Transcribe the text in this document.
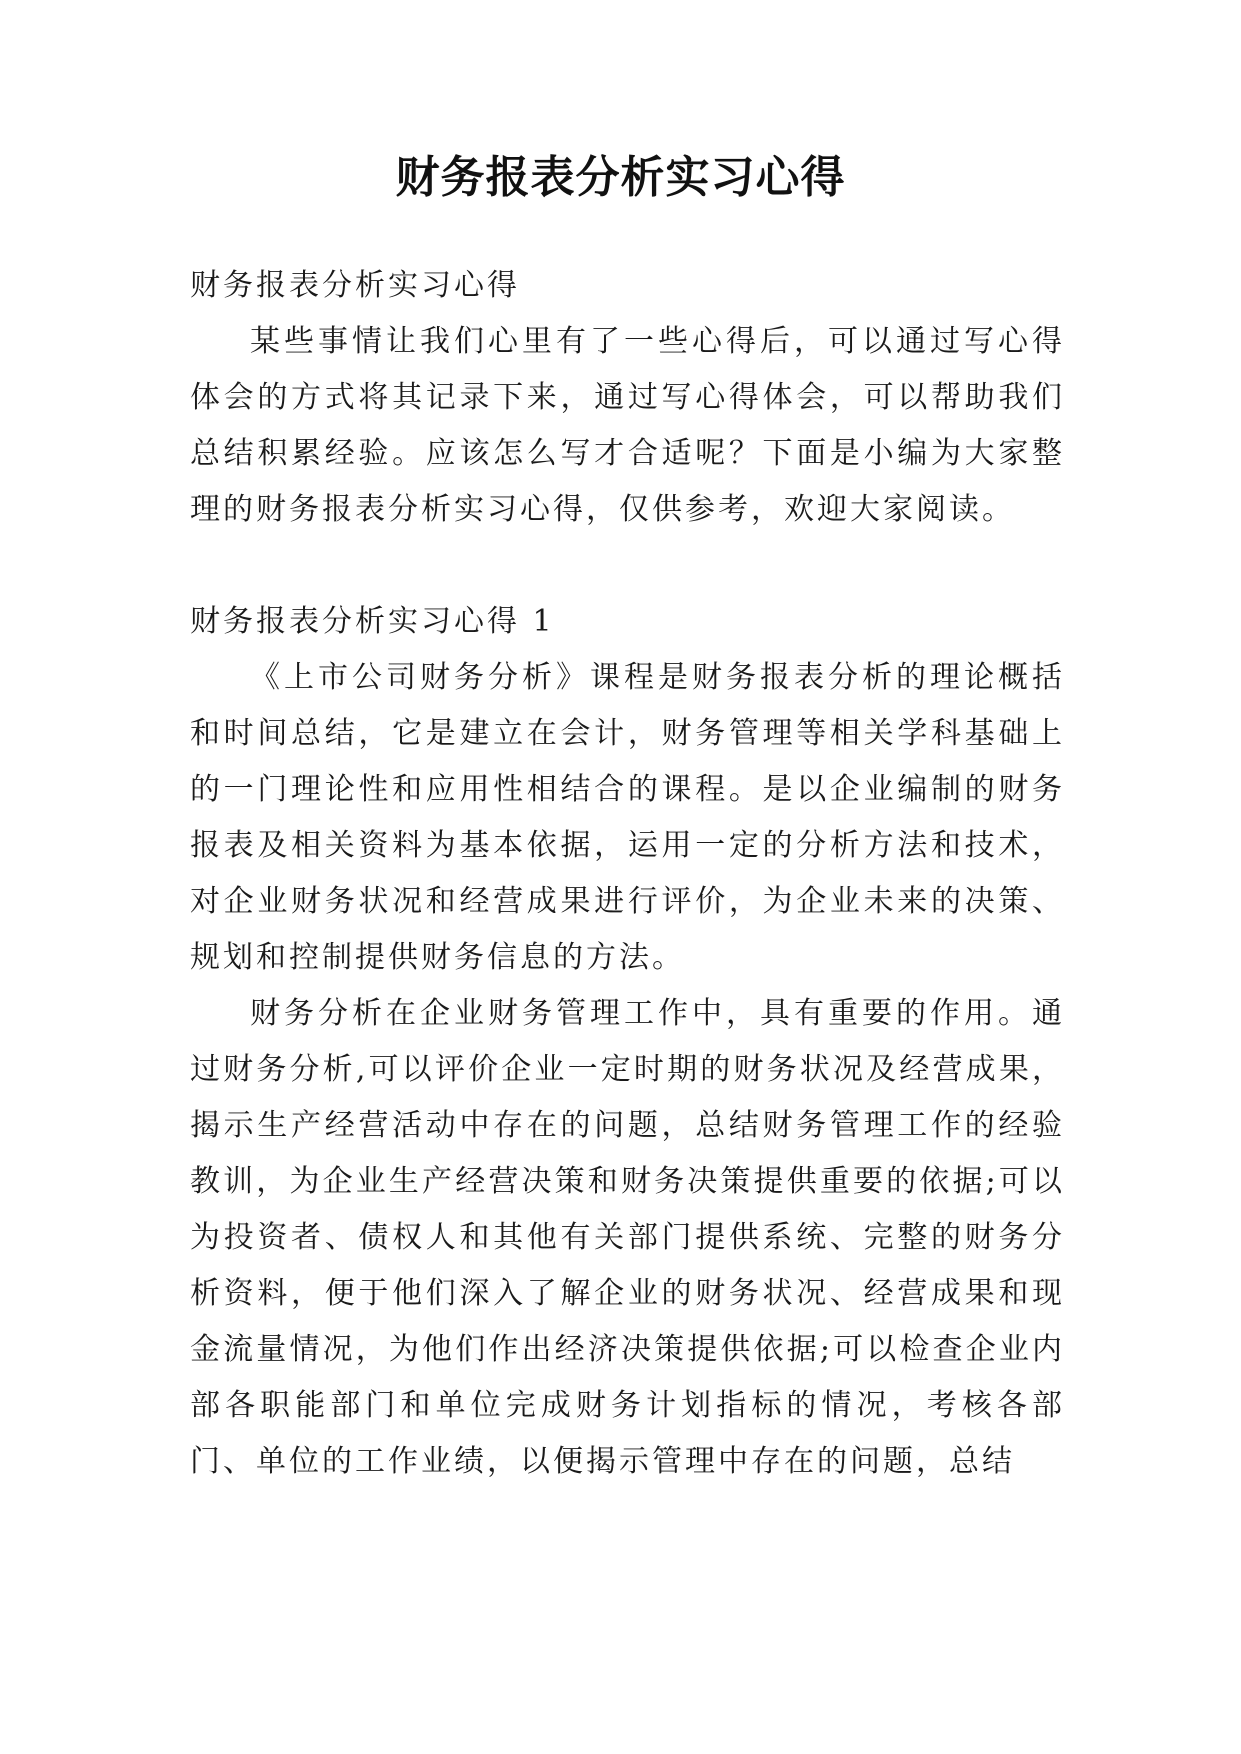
财务报表分析实习心得

财务报表分析实习心得

某些事情让我们心里有了一些心得后，可以通过写心得体会的方式将其记录下来，通过写心得体会，可以帮助我们总结积累经验。应该怎么写才合适呢？下面是小编为大家整理的财务报表分析实习心得，仅供参考，欢迎大家阅读。

财务报表分析实习心得 1

《上市公司财务分析》课程是财务报表分析的理论概括和时间总结，它是建立在会计，财务管理等相关学科基础上的一门理论性和应用性相结合的课程。是以企业编制的财务报表及相关资料为基本依据，运用一定的分析方法和技术，对企业财务状况和经营成果进行评价，为企业未来的决策、规划和控制提供财务信息的方法。

财务分析在企业财务管理工作中，具有重要的作用。通过财务分析,可以评价企业一定时期的财务状况及经营成果，揭示生产经营活动中存在的问题，总结财务管理工作的经验教训，为企业生产经营决策和财务决策提供重要的依据;可以为投资者、债权人和其他有关部门提供系统、完整的财务分析资料，便于他们深入了解企业的财务状况、经营成果和现金流量情况，为他们作出经济决策提供依据;可以检查企业内部各职能部门和单位完成财务计划指标的情况，考核各部门、单位的工作业绩，以便揭示管理中存在的问题，总结
